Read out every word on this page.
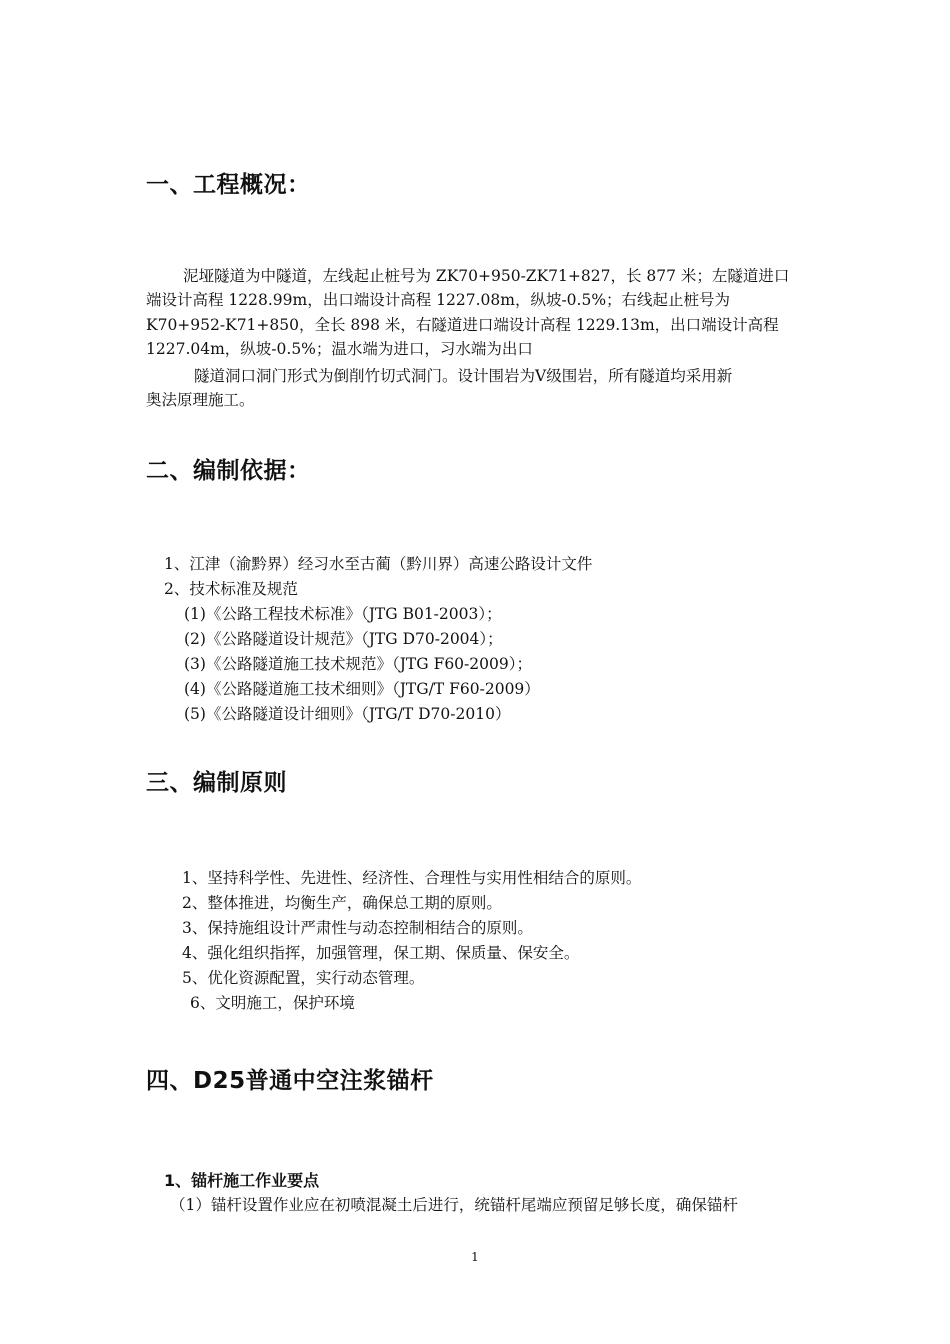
一、工程概况：
泥垭隧道为中隧道，左线起止桩号为 ZK70+950-ZK71+827，长 877 米；左隧道进口
端设计高程 1228.99m，出口端设计高程 1227.08m，纵坡-0.5%；右线起止桩号为
K70+952-K71+850，全长 898 米，右隧道进口端设计高程 1229.13m，出口端设计高程
1227.04m，纵坡-0.5%；温水端为进口，习水端为出口
隧道洞口洞门形式为倒削竹切式洞门。设计围岩为Ⅴ级围岩，所有隧道均采用新
奥法原理施工。
二、编制依据：
1、江津（渝黔界）经习水至古蔺（黔川界）高速公路设计文件
2、技术标准及规范
(1)《公路工程技术标准》（JTG B01-2003）；
(2)《公路隧道设计规范》（JTG D70-2004）；
(3)《公路隧道施工技术规范》（JTG F60-2009）；
(4)《公路隧道施工技术细则》（JTG/T F60-2009）
(5)《公路隧道设计细则》（JTG/T D70-2010）
三、编制原则
1、坚持科学性、先进性、经济性、合理性与实用性相结合的原则。
2、整体推进，均衡生产，确保总工期的原则。
3、保持施组设计严肃性与动态控制相结合的原则。
4、强化组织指挥，加强管理，保工期、保质量、保安全。
5、优化资源配置，实行动态管理。
6、文明施工，保护环境
四、D25普通中空注浆锚杆
1、锚杆施工作业要点
（1）锚杆设置作业应在初喷混凝土后进行，统锚杆尾端应预留足够长度，确保锚杆
1
